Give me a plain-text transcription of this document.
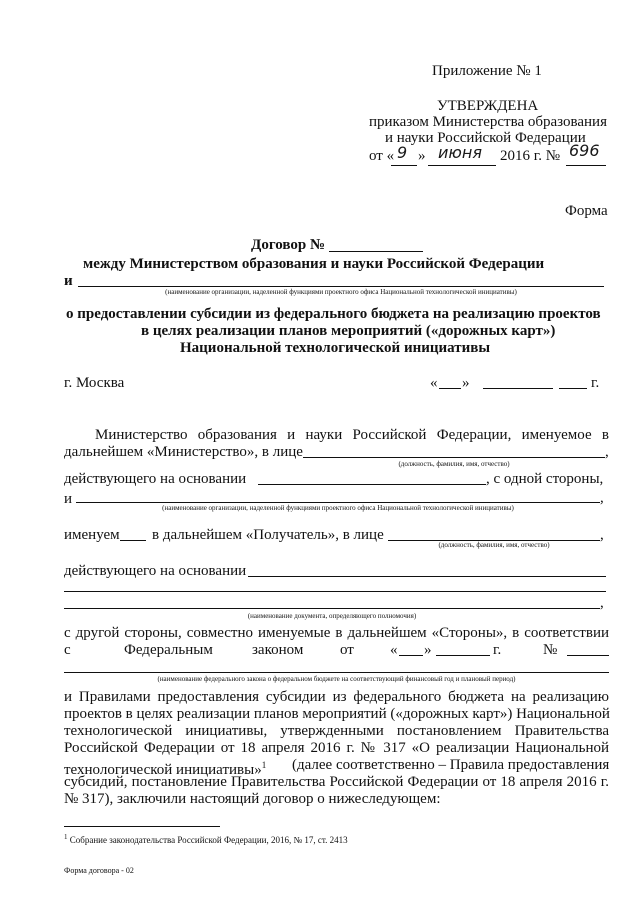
Приложение № 1
УТВЕРЖДЕНА
приказом Министерства образования
и науки Российской Федерации
от « 9 » июня 2016 г. № 696
Форма
Договор №
между Министерством образования и науки Российской Федерации
и
(наименование организации, наделенной функциями проектного офиса Национальной технологической инициативы)
о предоставлении субсидии из федерального бюджета на реализацию проектов
в целях реализации планов мероприятий («дорожных карт»)
Национальной технологической инициативы
г. Москва	« »	г.
Министерство образования и науки Российской Федерации, именуемое в
дальнейшем «Министерство», в лице	,
(должность, фамилия, имя, отчество)
действующего на основании	, с одной стороны,
и	,
(наименование организации, наделенной функциями проектного офиса Национальной технологической инициативы)
именуем в дальнейшем «Получатель», в лице	,
(должность, фамилия, имя, отчество)
действующего на основании
,
(наименование документа, определяющего полномочия)
с другой стороны, совместно именуемые в дальнейшем «Стороны», в соответствии
с	Федеральным	законом от « »	г.	№
(наименование федерального закона о федеральном бюджете на соответствующий финансовый год и плановый период)
и Правилами предоставления субсидии из федерального бюджета на реализацию
проектов в целях реализации планов мероприятий («дорожных карт») Национальной
технологической инициативы, утвержденными постановлением Правительства
Российской Федерации от 18 апреля 2016 г. № 317 «О реализации Национальной
технологической инициативы»$^1$ (далее соответственно – Правила предоставления
субсидий, постановление Правительства Российской Федерации от 18 апреля 2016 г.
№ 317), заключили настоящий договор о нижеследующем:
$^1$ Собрание законодательства Российской Федерации, 2016, № 17, ст. 2413
Форма договора - 02
